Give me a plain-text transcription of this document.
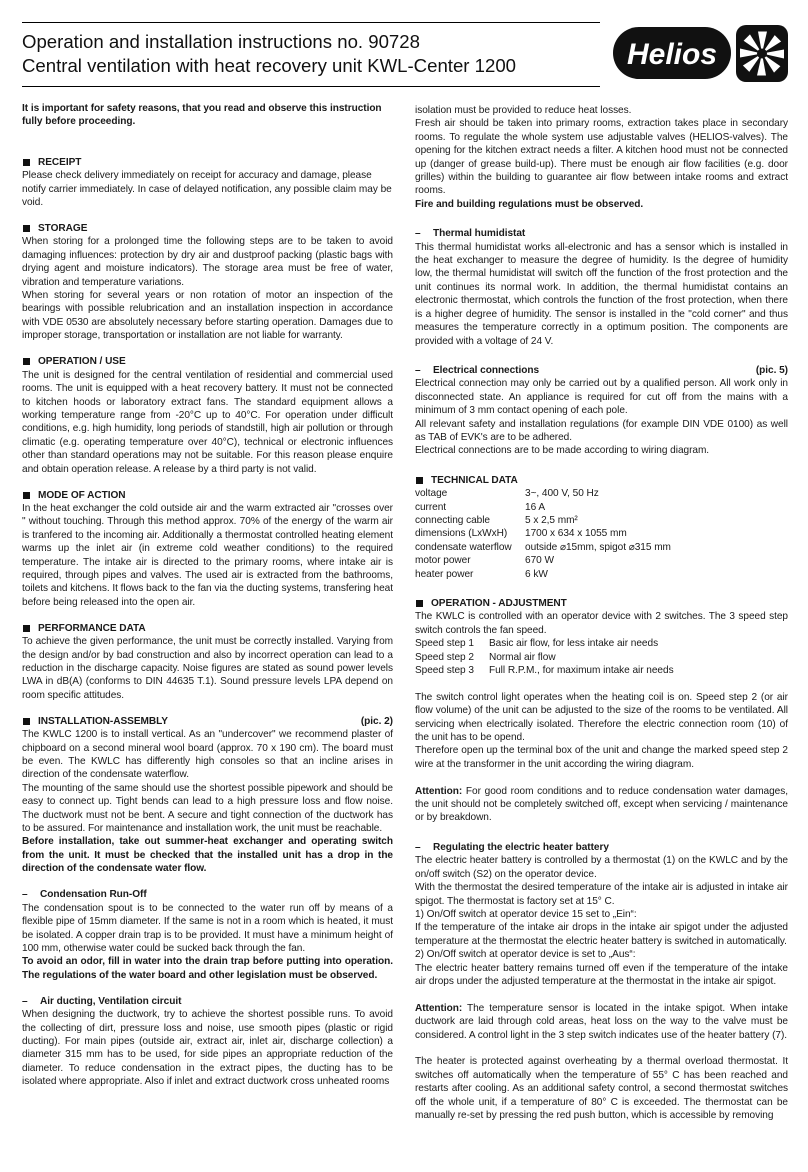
Operation and installation instructions no. 90728
Central ventilation with heat recovery unit KWL-Center 1200	Helios

It is important for safety reasons, that you read and observe this instruction fully before proceeding.

RECEIPT

Please check delivery immediately on receipt for accuracy and damage, please notify carrier immediately. In case of delayed notification, any possible claim may be void.

STORAGE

When storing for a prolonged time the following steps are to be taken to avoid damaging influences: protection by dry air and dustproof packing (plastic bags with drying agent and moisture indicators). The storage area must be free of water, vibration and temperature variations.

When storing for several years or non rotation of motor an inspection of the bearings with possible relubrication and an installation inspection in accordance with VDE 0530 are absolutely necessary before starting operation. Damages due to improper storage, transportation or installation are not liable for warranty.

OPERATION / USE

The unit is designed for the central ventilation of residential and commercial used rooms. The unit is equipped with a heat recovery battery. It must not be connected to kitchen hoods or laboratory extract fans. The standard equipment allows a working temperature range from -20°C up to 40°C. For operation under difficult conditions, e.g. high humidity, long periods of standstill, high air pollution or through climatic (e.g. operating temperature over 40°C), technical or electronic influences other than standard operations may not be suitable. For this reason please enquire and obtain operation release. A release by a third party is not valid.

MODE OF ACTION

In the heat exchanger the cold outside air and the warm extracted air "crosses over " without touching. Through this method approx. 70% of the energy of the warm air is tranfered to the incoming air. Additionally a thermostat controlled heating element warms up the inlet air (in extreme cold weather conditions) to the required temperature. The intake air is directed to the primary rooms, where intake air is required, through pipes and valves. The used air is extracted from the bathrooms, toilets and kitchens. It flows back to the fan via the ducting systems, transfering heat before being released into the open air.

PERFORMANCE DATA

To achieve the given performance, the unit must be correctly installed. Varying from the design and/or by bad construction and also by incorrect operation can lead to a reduction in the discharge capacity. Noise figures are stated as sound power levels LWA in dB(A) (conforms to DIN 44635 T.1). Sound pressure levels LPA depend on room specific attitudes.

INSTALLATION-ASSEMBLY	(pic. 2)

The KWLC 1200 is to install vertical. As an "undercover" we recommend plaster of chipboard on a second mineral wool board (approx. 70 x 190 cm). The board must be even. The KWLC has differently high consoles so that an incline arises in direction of the condensate waterflow.

The mounting of the same should use the shortest possible pipework and should be easy to connect up. Tight bends can lead to a high pressure loss and flow noise. The ductwork must not be bent. A secure and tight connection of the ductwork has to be assured. For maintenance and installation work, the unit must be reachable.

Before installation, take out summer-heat exchanger and operating switch from the unit. It must be checked that the installed unit has a drop in the direction of the condensate water flow.

–	Condensation Run-Off

The condensation spout is to be connected to the water run off by means of a flexible pipe of 15mm diameter. If the same is not in a room which is heated, it must be isolated. A copper drain trap is to be provided. It must have a minimum height of 100 mm, otherwise water could be sucked back through the fan.

To avoid an odor, fill in water into the drain trap before putting into operation. The regulations of the water board and other legislation must be observed.

–	Air ducting, Ventilation circuit

When designing the ductwork, try to achieve the shortest possible runs. To avoid the collecting of dirt, pressure loss and noise, use smooth pipes (plastic or rigid ducting). For main pipes (outside air, extract air, inlet air, discharge collection) a diameter 315 mm has to be used, for side pipes an appropriate reduction of the diameter. To reduce condensation in the extract pipes, the ducting has to be isolated where appropriate. Also if inlet and extract ductwork cross unheated rooms

isolation must be provided to reduce heat losses.

Fresh air should be taken into primary rooms, extraction takes place in secondary rooms. To regulate the whole system use adjustable valves (HELIOS-valves). The opening for the kitchen extract needs a filter. A kitchen hood must not be connected up (danger of grease build-up). There must be enough air flow facilities (e.g. door grilles) within the building to guarantee air flow between intake rooms and extract rooms.

Fire and building regulations must be observed.

–	Thermal humidistat

This thermal humidistat works all-electronic and has a sensor which is installed in the heat exchanger to measure the degree of humidity. Is the degree of humidity low, the thermal humidistat will switch off the function of the frost protection and the unit continues its normal work. In addition, the thermal humidistat contains an electronic thermostat, which controls the function of the frost protection, when there is a higher degree of humidity. The sensor is installed in the "cold corner" and thus measures the temperature correctly in a optimum position. The components are provided with a voltage of 24 V.

–	Electrical connections	(pic. 5)

Electrical connection may only be carried out by a qualified person. All work only in disconnected state. An appliance is required for cut off from the mains with a minimum of 3 mm contact opening of each pole.

All relevant safety and installation regulations (for example DIN VDE 0100) as well as TAB of EVK's are to be adhered.

Electrical connections are to be made according to wiring diagram.

TECHNICAL DATA

voltage	3~, 400 V, 50 Hz
current	16 A
connecting cable	5 x 2,5 mm²
dimensions (LxWxH)	1700 x 634 x 1055 mm
condensate waterflow	outside ⌀15mm, spigot ⌀315 mm
motor power	670 W
heater power	6 kW

OPERATION - ADJUSTMENT

The KWLC is controlled with an operator device with 2 switches. The 3 speed step switch controls the fan speed.

Speed step 1	Basic air flow, for less intake air needs
Speed step 2	Normal air flow
Speed step 3	Full R.P.M., for maximum intake air needs

The switch control light operates when the heating coil is on. Speed step 2 (or air flow volume) of the unit can be adjusted to the size of the rooms to be ventilated. All servicing when electrically isolated. Therefore the electric connection room (10) of the unit has to be opend.

Therefore open up the terminal box of the unit and change the marked speed step 2 wire at the transformer in the unit according the wiring diagram.

Attention: For good room conditions and to reduce condensation water damages, the unit should not be completely switched off, except when servicing / maintenance or by breakdown.

–	Regulating the electric heater battery

The electric heater battery is controlled by a thermostat (1) on the KWLC and by the on/off switch (S2) on the operator device.

With the thermostat the desired temperature of the intake air is adjusted in intake air spigot. The thermostat is factory set at 15° C.

1) On/Off switch at operator device 15 set to „Ein“:

If the temperature of the intake air drops in the intake air spigot under the adjusted temperature at the thermostat the electric heater battery is switched in automatically.

2) On/Off switch at operator device is set to „Aus“:

The electric heater battery remains turned off even if the temperature of the intake air drops under the adjusted temperature at the thermostat in the intake air spigot.

Attention: The temperature sensor is located in the intake spigot. When intake ductwork are laid through cold areas, heat loss on the way to the valve must be considered. A control light in the 3 step switch indicates use of the heater battery (7).

The heater is protected against overheating by a thermal overload thermostat. It switches off automatically when the temperature of 55° C has been reached and restarts after cooling. As an additional safety control, a second thermostat switches off the whole unit, if a temperature of 80° C is exceeded. The thermostat can be manually re-set by pressing the red push button, which is accessible by removing
